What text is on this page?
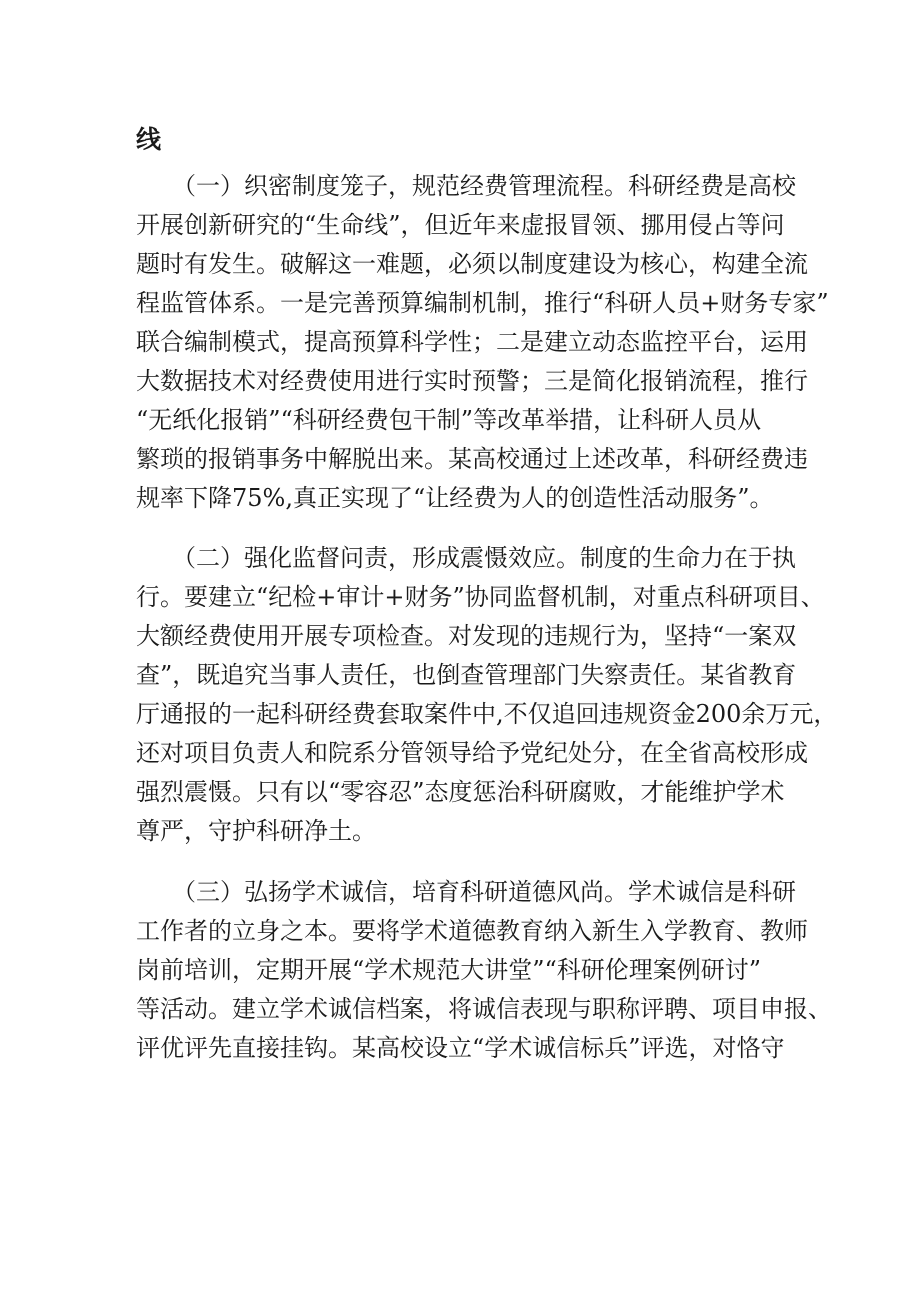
线

　　（一）织密制度笼子，规范经费管理流程。科研经费是高校

开展创新研究的“生命线”，但近年来虚报冒领、挪用侵占等问

题时有发生。破解这一难题，必须以制度建设为核心，构建全流

程监管体系。一是完善预算编制机制，推行“科研人员+财务专家”

联合编制模式，提高预算科学性；二是建立动态监控平台，运用

大数据技术对经费使用进行实时预警；三是简化报销流程，推行

“无纸化报销”“科研经费包干制”等改革举措，让科研人员从

繁琐的报销事务中解脱出来。某高校通过上述改革，科研经费违

规率下降75%,真正实现了“让经费为人的创造性活动服务”。

　　（二）强化监督问责，形成震慑效应。制度的生命力在于执

行。要建立“纪检+审计+财务”协同监督机制，对重点科研项目、

大额经费使用开展专项检查。对发现的违规行为，坚持“一案双

查”，既追究当事人责任，也倒查管理部门失察责任。某省教育

厅通报的一起科研经费套取案件中,不仅追回违规资金200余万元，

还对项目负责人和院系分管领导给予党纪处分，在全省高校形成

强烈震慑。只有以“零容忍”态度惩治科研腐败，才能维护学术

尊严，守护科研净土。

　　（三）弘扬学术诚信，培育科研道德风尚。学术诚信是科研

工作者的立身之本。要将学术道德教育纳入新生入学教育、教师

岗前培训，定期开展“学术规范大讲堂”“科研伦理案例研讨”

等活动。建立学术诚信档案，将诚信表现与职称评聘、项目申报、

评优评先直接挂钩。某高校设立“学术诚信标兵”评选，对恪守
